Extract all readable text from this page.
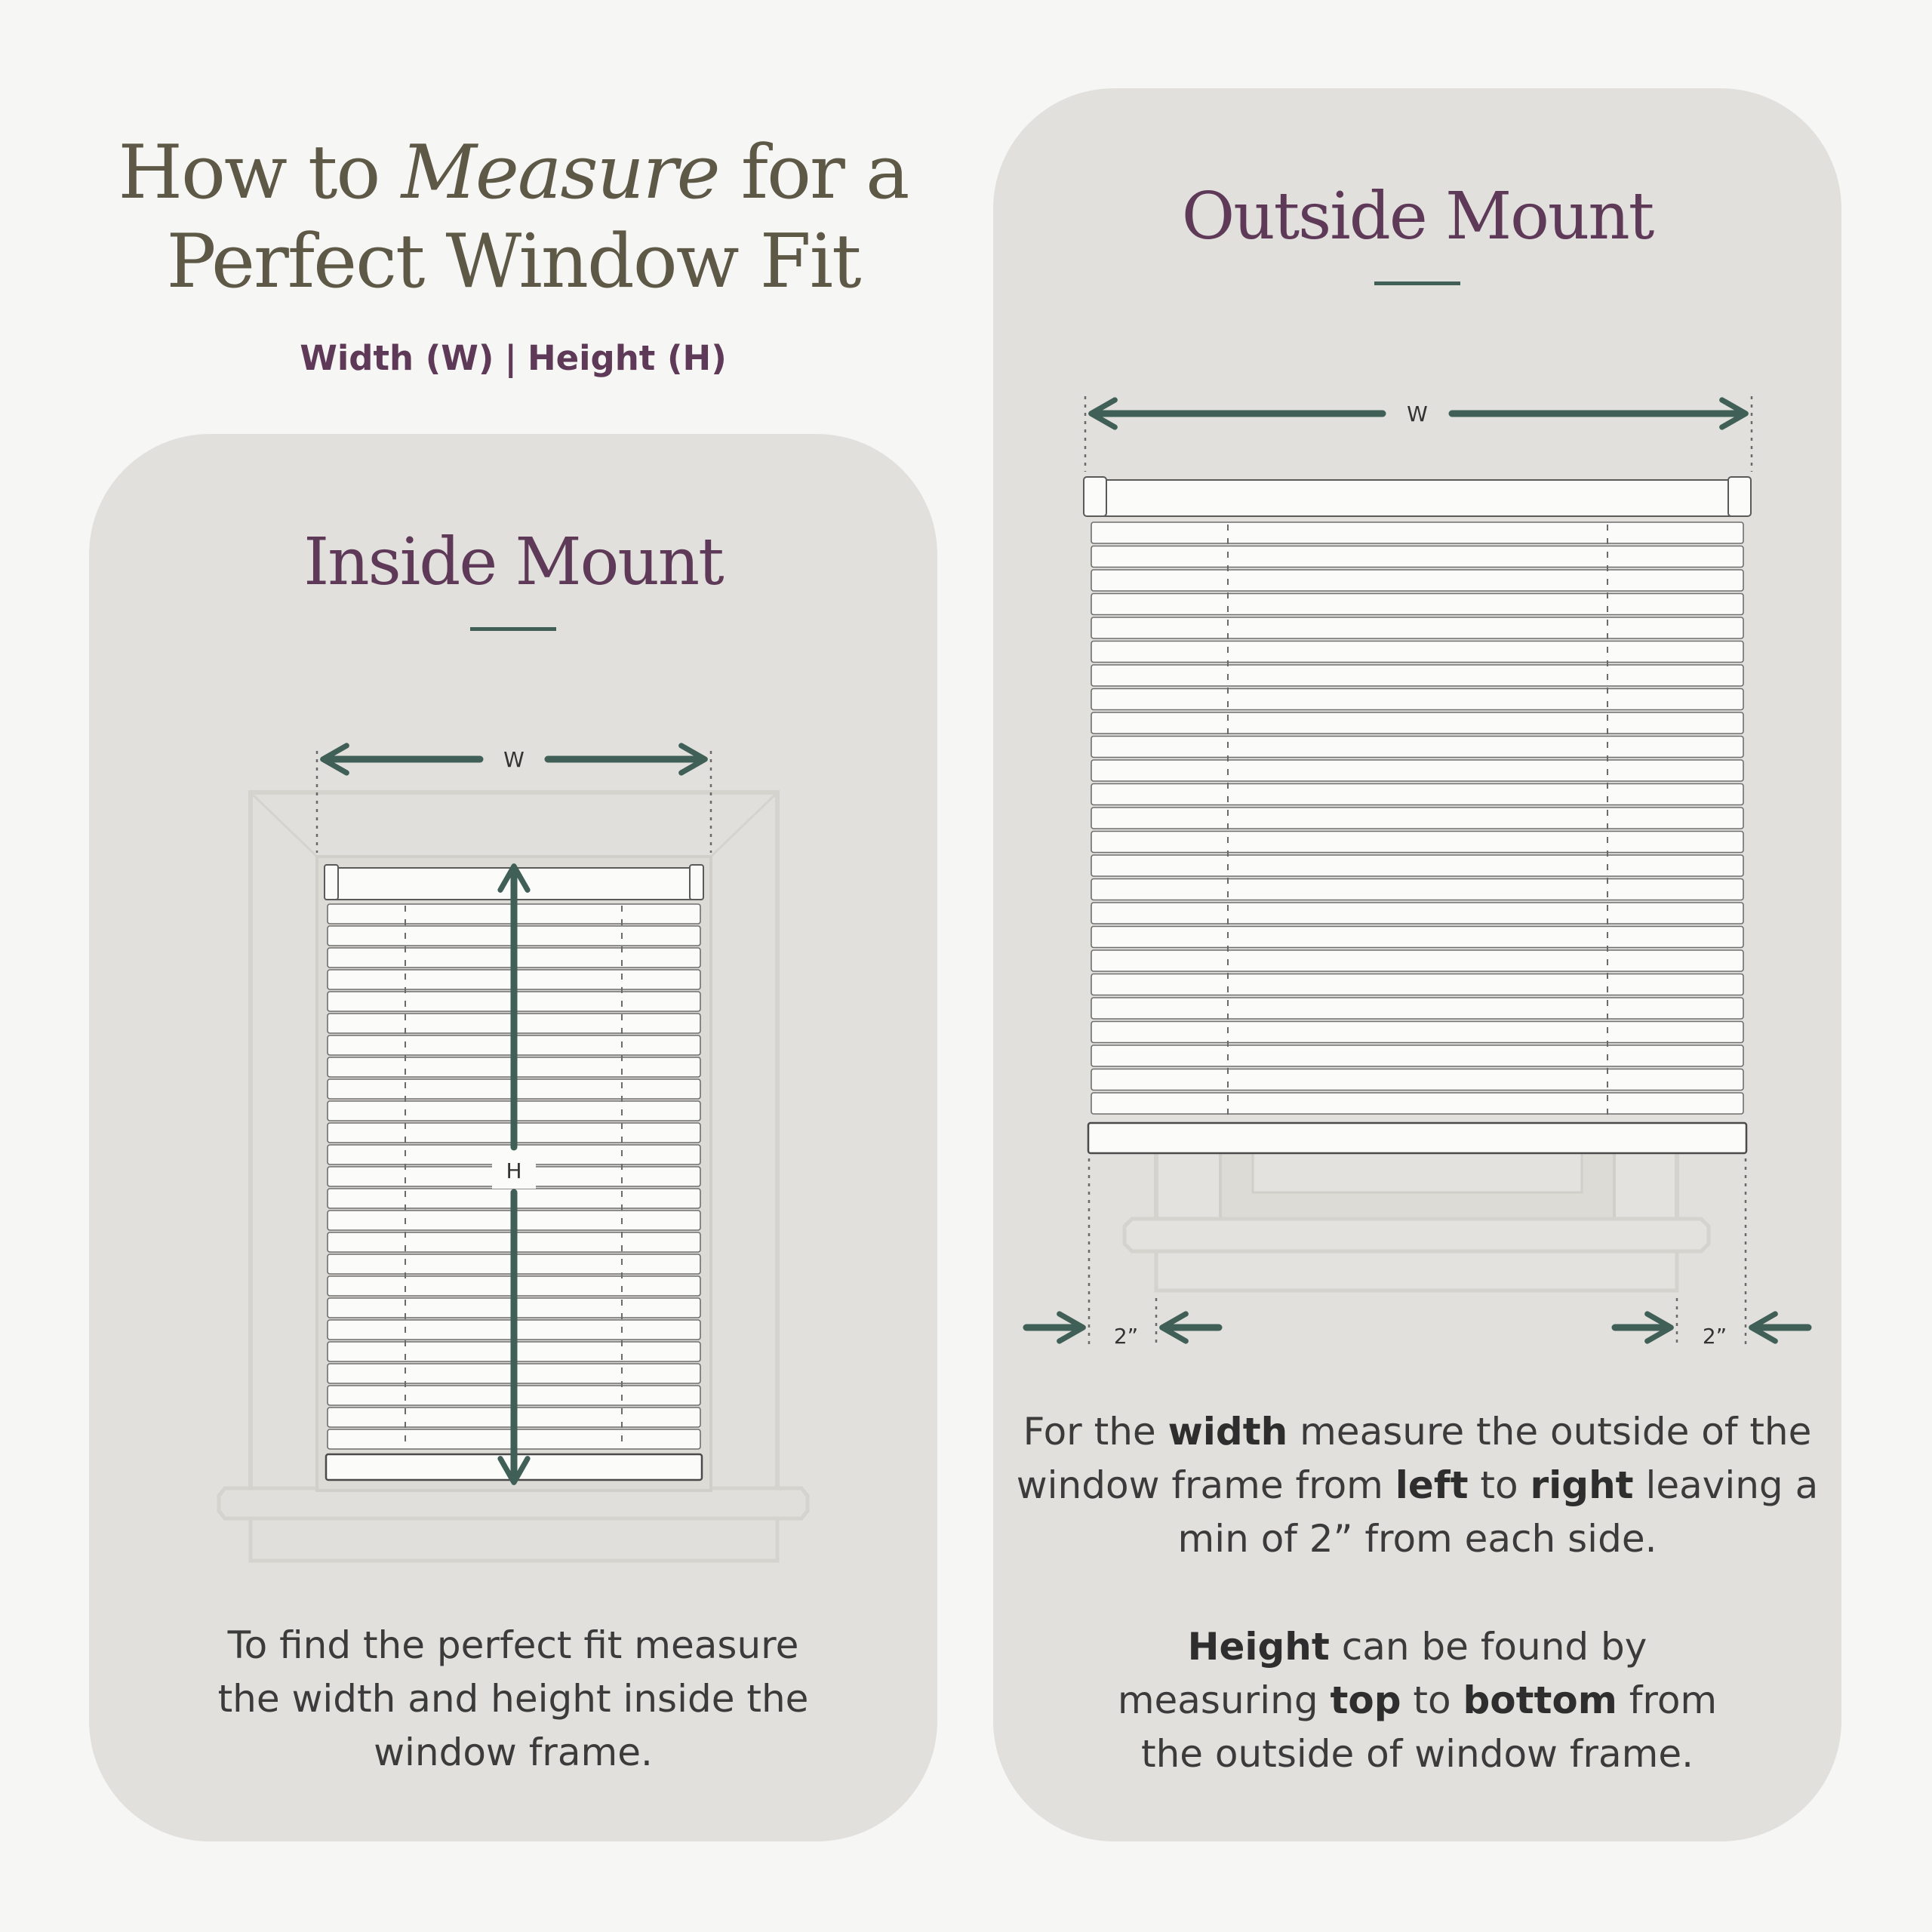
How to Measure for a
Perfect Window Fit
Width (W) | Height (H)
Inside Mount

To find the perfect fit measure the width and height inside the window frame.

Outside Mount

For the width measure the outside of the window frame from left to right leaving a min of 2” from each side.

Height can be found by measuring top to bottom from the outside of window frame.

W
H
W
2”	2”
